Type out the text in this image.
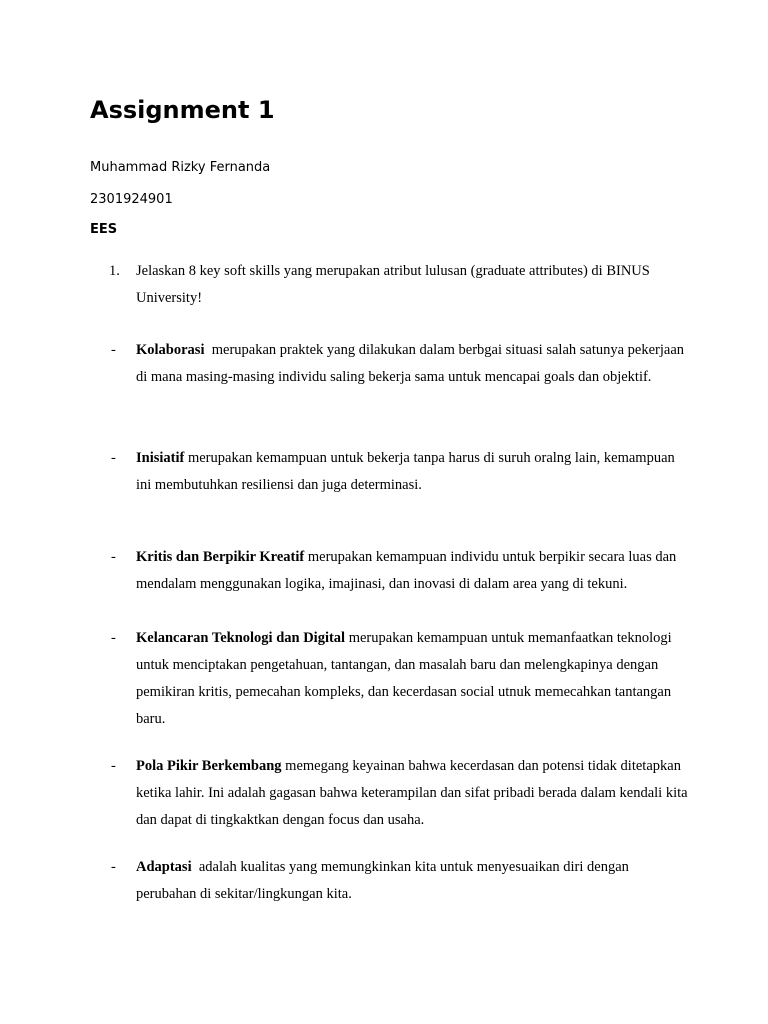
Assignment 1
Muhammad Rizky Fernanda
2301924901
EES
1. Jelaskan 8 key soft skills yang merupakan atribut lulusan (graduate attributes) di BINUS University!
- Kolaborasi merupakan praktek yang dilakukan dalam berbgai situasi salah satunya pekerjaan di mana masing-masing individu saling bekerja sama untuk mencapai goals dan objektif.
- Inisiatif merupakan kemampuan untuk bekerja tanpa harus di suruh oralng lain, kemampuan ini membutuhkan resiliensi dan juga determinasi.
- Kritis dan Berpikir Kreatif merupakan kemampuan individu untuk berpikir secara luas dan mendalam menggunakan logika, imajinasi, dan inovasi di dalam area yang di tekuni.
- Kelancaran Teknologi dan Digital merupakan kemampuan untuk memanfaatkan teknologi untuk menciptakan pengetahuan, tantangan, dan masalah baru dan melengkapinya dengan pemikiran kritis, pemecahan kompleks, dan kecerdasan social utnuk memecahkan tantangan baru.
- Pola Pikir Berkembang memegang keyainan bahwa kecerdasan dan potensi tidak ditetapkan ketika lahir. Ini adalah gagasan bahwa keterampilan dan sifat pribadi berada dalam kendali kita dan dapat di tingkaktkan dengan focus dan usaha.
- Adaptasi adalah kualitas yang memungkinkan kita untuk menyesuaikan diri dengan perubahan di sekitar/lingkungan kita.
